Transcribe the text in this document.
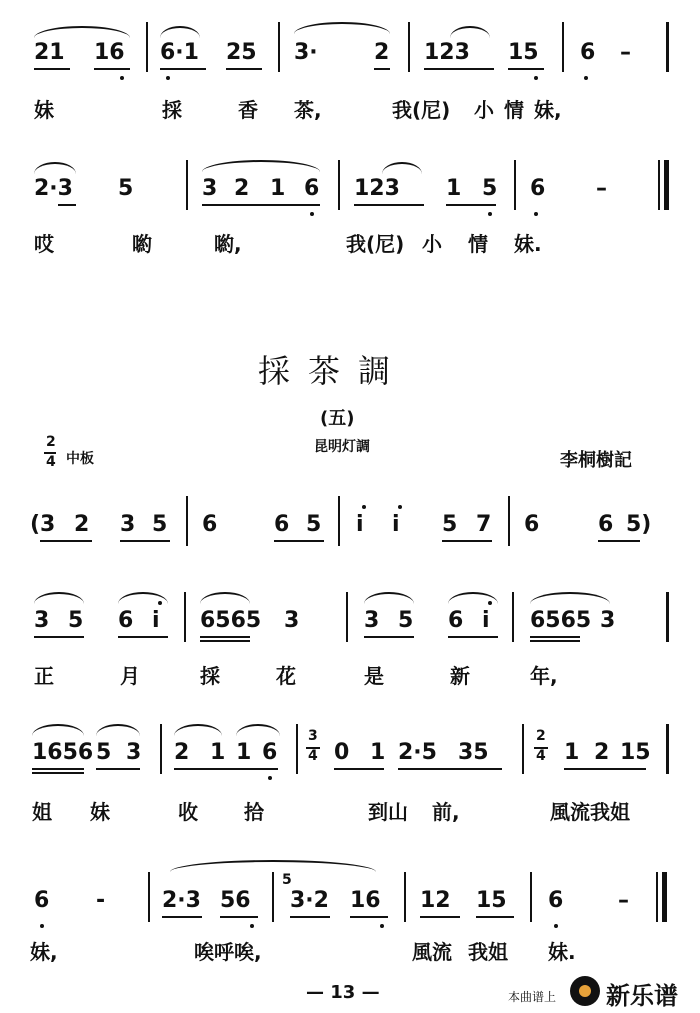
21 16 6·1 25 3·	2 123 15 6 –
妹	採	香 茶,	我(尼) 小 情 妹,
2·3 5	3 2 1 6 123 1 5 6 –
哎	喲	喲,	我(尼) 小 情 妹.
採茶調
(五)
2
4 中板
昆明灯調
李桐樹記
(3 2 3 5 6	6 5 i i 5 7 6	6 5)
3 5 6 i 6565 3	3 5 6 i 6565 3
正	月	採	花	是	新	年,
1656 5 3 2 1 1 6
3
4 0 1 2·5 35
2
4 1 2 15
姐 妹	收 拾	到山 前,	風流我姐
6 -	2·3 56
5
3·2 16 12 15 6 –
妹,	唉呼唉,	風流 我姐 妹.
— 13 —	本曲谱上 新乐谱
